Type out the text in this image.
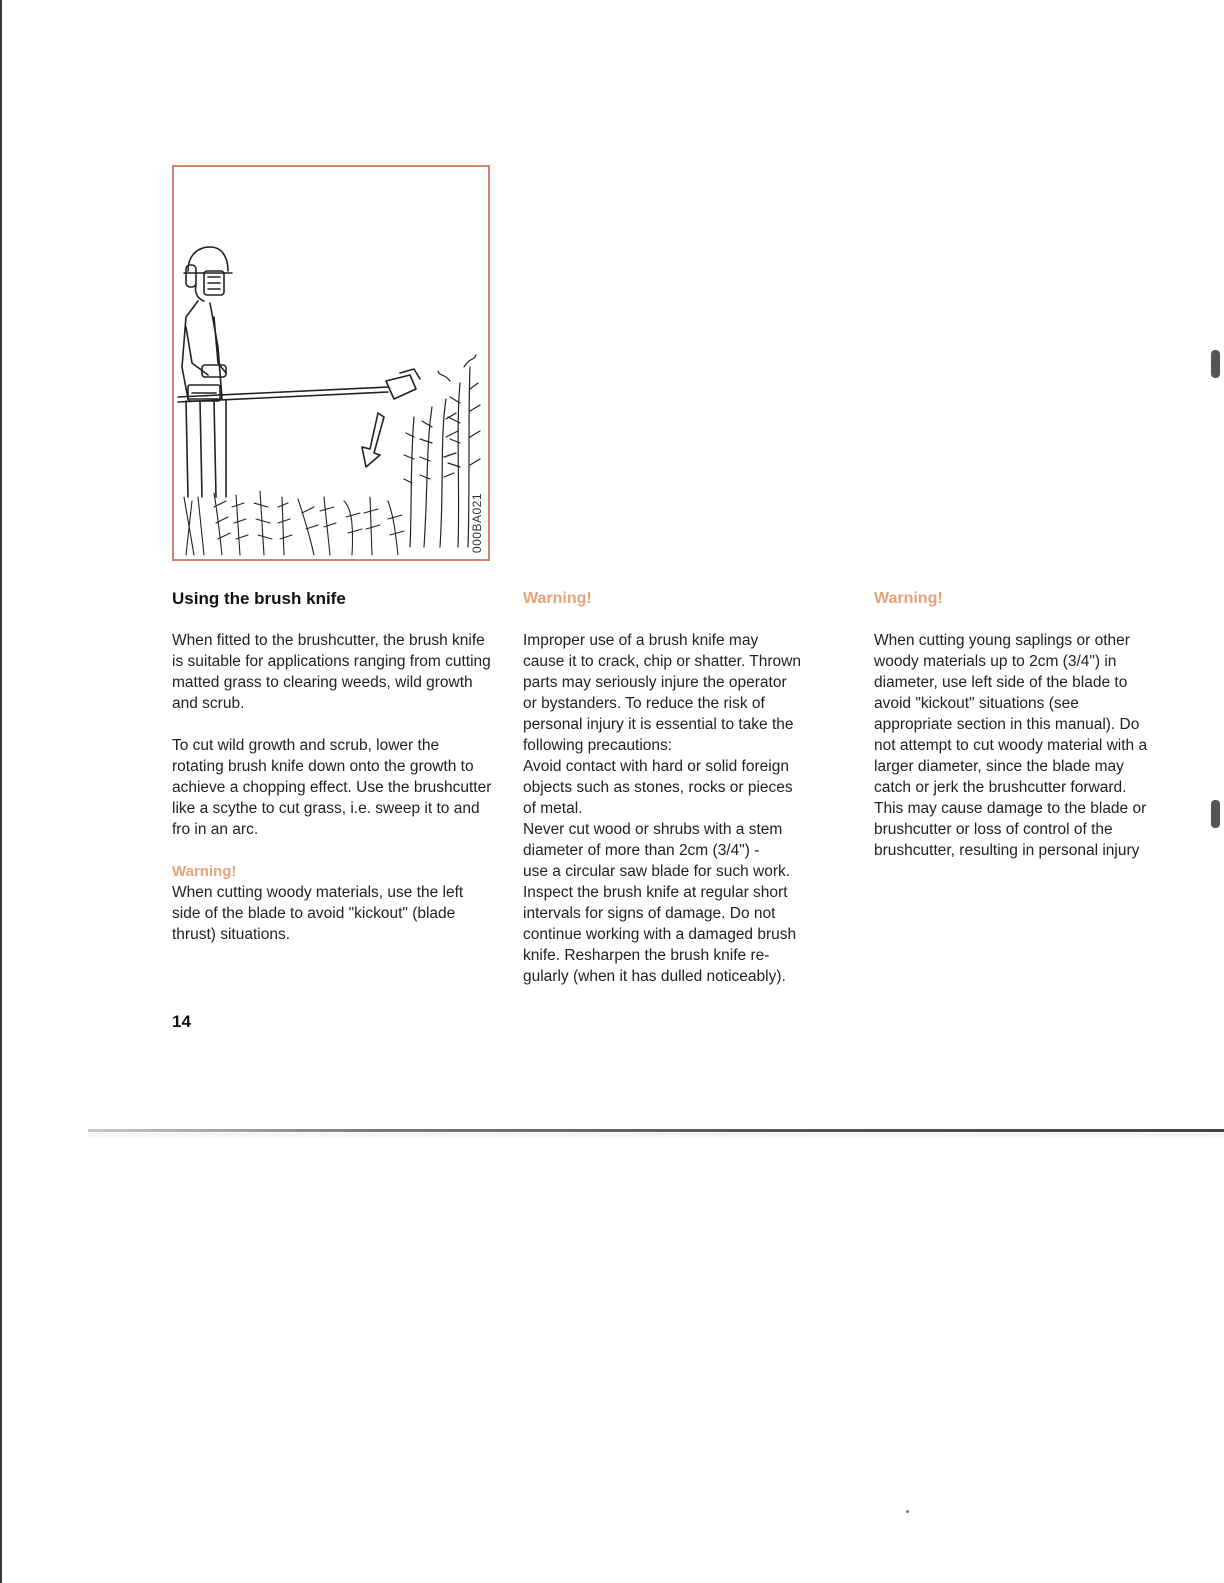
000BA021
Using the brush knife

When fitted to the brushcutter, the brush knife is suitable for applications ranging from cutting matted grass to clearing weeds, wild growth and scrub.

To cut wild growth and scrub, lower the rotating brush knife down onto the growth to achieve a chopping effect. Use the brushcutter like a scythe to cut grass, i.e. sweep it to and fro in an arc.

Warning!

When cutting woody materials, use the left side of the blade to avoid "kickout" (blade thrust) situations.

Warning!
Improper use of a brush knife may
cause it to crack, chip or shatter. Thrown
parts may seriously injure the operator
or bystanders. To reduce the risk of
personal injury it is essential to take the
following precautions:
Avoid contact with hard or solid foreign
objects such as stones, rocks or pieces
of metal.
Never cut wood or shrubs with a stem
diameter of more than 2cm (3/4") -
use a circular saw blade for such work.
Inspect the brush knife at regular short
intervals for signs of damage. Do not
continue working with a damaged brush
knife. Resharpen the brush knife re-
gularly (when it has dulled noticeably).
Warning!
When cutting young saplings or other
woody materials up to 2cm (3/4") in
diameter, use left side of the blade to
avoid "kickout" situations (see
appropriate section in this manual). Do
not attempt to cut woody material with a
larger diameter, since the blade may
catch or jerk the brushcutter forward.
This may cause damage to the blade or
brushcutter or loss of control of the
brushcutter, resulting in personal injury
14
